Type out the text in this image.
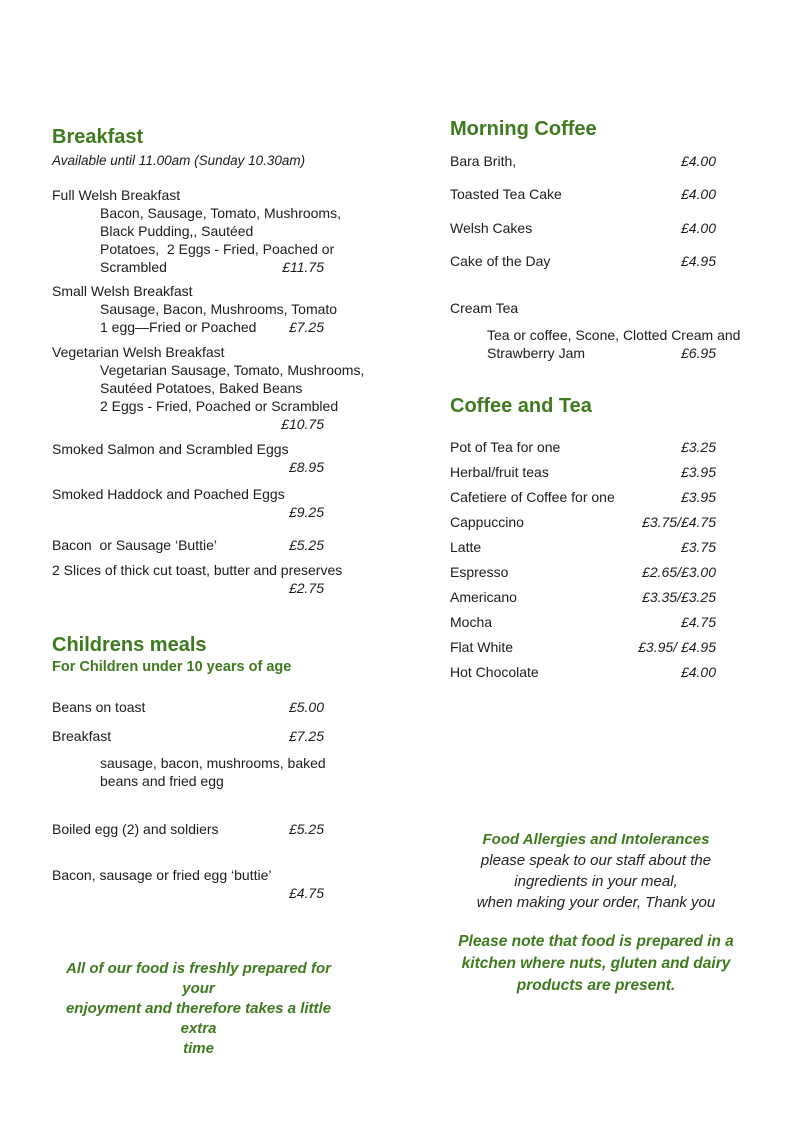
Breakfast
Available until 11.00am (Sunday 10.30am)
Full Welsh Breakfast
Bacon, Sausage, Tomato, Mushrooms,
Black Pudding,, Sautéed
Potatoes,  2 Eggs - Fried, Poached or
Scrambled	£11.75
Small Welsh Breakfast
Sausage, Bacon, Mushrooms, Tomato
1 egg—Fried or Poached £7.25
Vegetarian Welsh Breakfast
Vegetarian Sausage, Tomato, Mushrooms,
Sautéed Potatoes, Baked Beans
2 Eggs - Fried, Poached or Scrambled
£10.75
Smoked Salmon and Scrambled Eggs
£8.95
Smoked Haddock and Poached Eggs
£9.25
Bacon  or Sausage ‘Buttie’	£5.25
2 Slices of thick cut toast, butter and preserves
£2.75
Childrens meals
For Children under 10 years of age
Beans on toast	£5.00
Breakfast	£7.25
sausage, bacon, mushrooms, baked
beans and fried egg
Boiled egg (2) and soldiers	£5.25
Bacon, sausage or fried egg ‘buttie’
£4.75
All of our food is freshly prepared for your
enjoyment and therefore takes a little extra
time
Morning Coffee
Bara Brith,	£4.00
Toasted Tea Cake	£4.00
Welsh Cakes	£4.00
Cake of the Day	£4.95
Cream Tea
Tea or coffee, Scone, Clotted Cream and
Strawberry Jam	£6.95
Coffee and Tea
Pot of Tea for one	£3.25
Herbal/fruit teas	£3.95
Cafetiere of Coffee for one	£3.95
Cappuccino	£3.75/£4.75
Latte	£3.75
Espresso	£2.65/£3.00
Americano	£3.35/£3.25
Mocha	£4.75
Flat White	£3.95/ £4.95
Hot Chocolate	£4.00
Food Allergies and Intolerances
please speak to our staff about the
ingredients in your meal,
when making your order, Thank you
Please note that food is prepared in a
kitchen where nuts, gluten and dairy
products are present.
